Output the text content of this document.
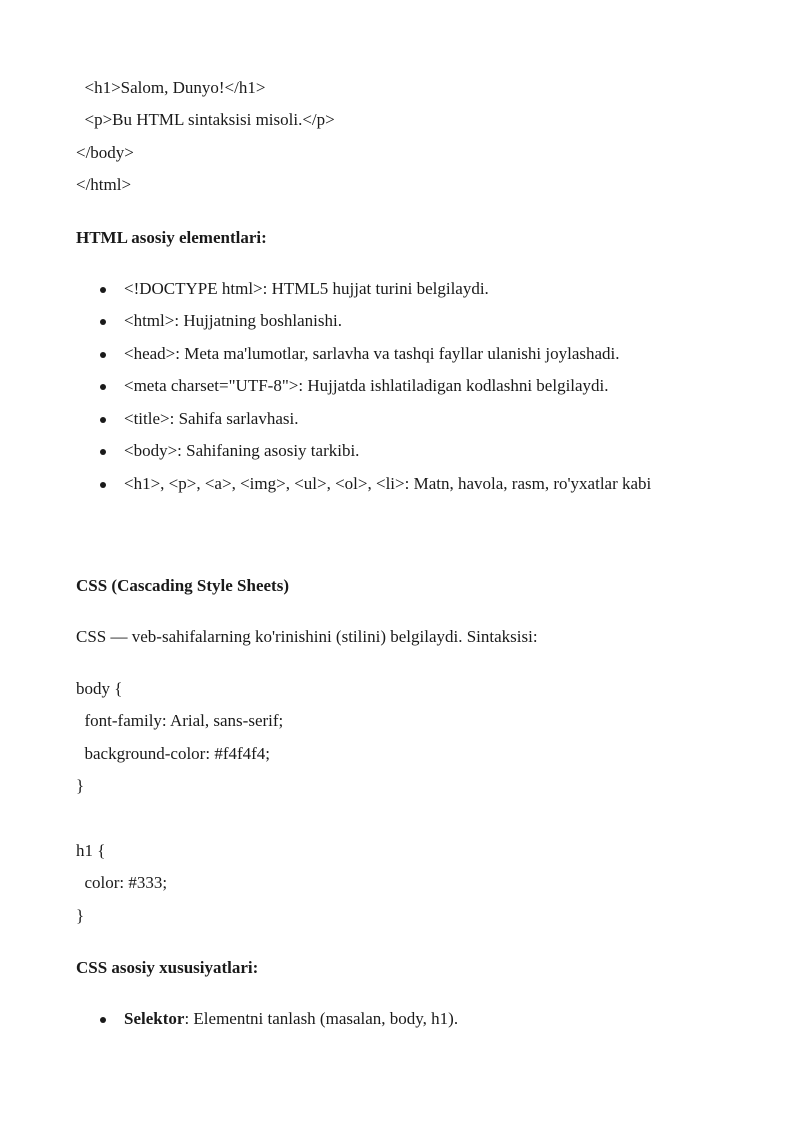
<h1>Salom, Dunyo!</h1>
<p>Bu HTML sintaksisi misoli.</p>
</body>
</html>
HTML asosiy elementlari:
<!DOCTYPE html>: HTML5 hujjat turini belgilaydi.
<html>: Hujjatning boshlanishi.
<head>: Meta ma'lumotlar, sarlavha va tashqi fayllar ulanishi joylashadi.
<meta charset="UTF-8">: Hujjatda ishlatiladigan kodlashni belgilaydi.
<title>: Sahifa sarlavhasi.
<body>: Sahifaning asosiy tarkibi.
<h1>, <p>, <a>, <img>, <ul>, <ol>, <li>: Matn, havola, rasm, ro'yxatlar kabi
CSS (Cascading Style Sheets)
CSS — veb-sahifalarning ko'rinishini (stilini) belgilaydi. Sintaksisi:
body {
font-family: Arial, sans-serif;
background-color: #f4f4f4;
}
h1 {
color: #333;
}
CSS asosiy xususiyatlari:
Selektor: Elementni tanlash (masalan, body, h1).
